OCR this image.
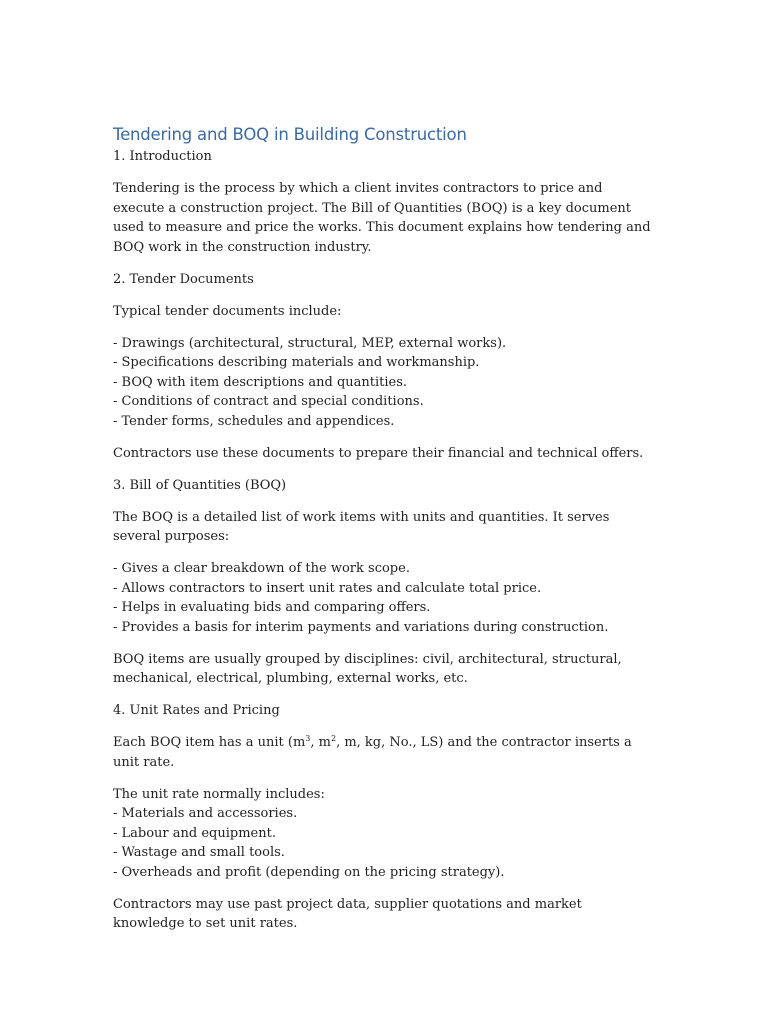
Tendering and BOQ in Building Construction
1. Introduction
Tendering is the process by which a client invites contractors to price and execute a construction project. The Bill of Quantities (BOQ) is a key document used to measure and price the works. This document explains how tendering and BOQ work in the construction industry.
2. Tender Documents
Typical tender documents include:
- Drawings (architectural, structural, MEP, external works).
- Specifications describing materials and workmanship.
- BOQ with item descriptions and quantities.
- Conditions of contract and special conditions.
- Tender forms, schedules and appendices.
Contractors use these documents to prepare their financial and technical offers.
3. Bill of Quantities (BOQ)
The BOQ is a detailed list of work items with units and quantities. It serves several purposes:
- Gives a clear breakdown of the work scope.
- Allows contractors to insert unit rates and calculate total price.
- Helps in evaluating bids and comparing offers.
- Provides a basis for interim payments and variations during construction.
BOQ items are usually grouped by disciplines: civil, architectural, structural, mechanical, electrical, plumbing, external works, etc.
4. Unit Rates and Pricing
Each BOQ item has a unit ($m^3$, $m^2$, m, kg, No., LS) and the contractor inserts a unit rate.
The unit rate normally includes:
- Materials and accessories.
- Labour and equipment.
- Wastage and small tools.
- Overheads and profit (depending on the pricing strategy).
Contractors may use past project data, supplier quotations and market knowledge to set unit rates.
